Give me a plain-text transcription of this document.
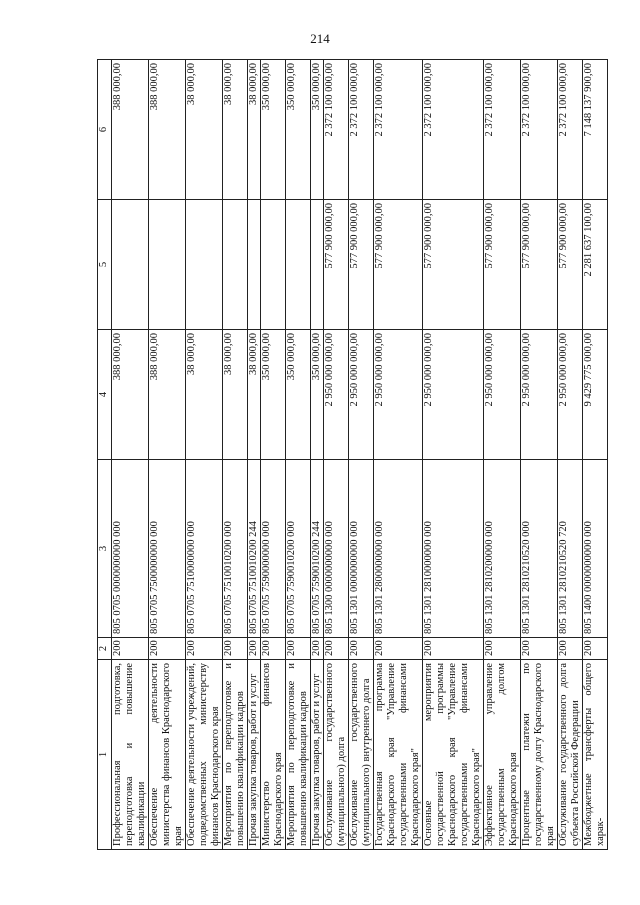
214
1	2	3	4	5	6
Профессиональная подготовка, переподготовка и повышение квалификации	200	805 0705 0000000000 000	388 000,00		388 000,00
Обеспечение деятельности министерства финансов Краснодарского края	200	805 0705 7500000000 000	388 000,00		388 000,00
Обеспечение деятельности учреждений, подведомственных министерству финансов Краснодарского края	200	805 0705 7510000000 000	38 000,00		38 000,00
Мероприятия по переподготовке и повышению квалификации кадров	200	805 0705 7510010200 000	38 000,00		38 000,00
Прочая закупка товаров, работ и услуг	200	805 0705 7510010200 244	38 000,00		38 000,00
Министерство финансов Краснодарского края	200	805 0705 7590000000 000	350 000,00		350 000,00
Мероприятия по переподготовке и повышению квалификации кадров	200	805 0705 7590010200 000	350 000,00		350 000,00
Прочая закупка товаров, работ и услуг	200	805 0705 7590010200 244	350 000,00		350 000,00
Обслуживание государственного (муниципального) долга	200	805 1300 0000000000 000	2 950 000 000,00	577 900 000,00	2 372 100 000,00
Обслуживание государственного (муниципального) внутреннего долга	200	805 1301 0000000000 000	2 950 000 000,00	577 900 000,00	2 372 100 000,00
Государственная программа Краснодарского края "Управление государственными финансами Краснодарского края"	200	805 1301 2800000000 000	2 950 000 000,00	577 900 000,00	2 372 100 000,00
Основные мероприятия государственной программы Краснодарского края "Управление государственными финансами Краснодарского края"	200	805 1301 2810000000 000	2 950 000 000,00	577 900 000,00	2 372 100 000,00
Эффективное управление государственным долгом Краснодарского края	200	805 1301 2810200000 000	2 950 000 000,00	577 900 000,00	2 372 100 000,00
Процентные платежи по государственному долгу Краснодарского края	200	805 1301 2810210520 000	2 950 000 000,00	577 900 000,00	2 372 100 000,00
Обслуживание государственного долга субъекта Российской Федерации	200	805 1301 2810210520 720	2 950 000 000,00	577 900 000,00	2 372 100 000,00
Межбюджетные трансферты общего харак-	200	805 1400 0000000000 000	9 429 775 000,00	2 281 637 100,00	7 148 137 900,00
